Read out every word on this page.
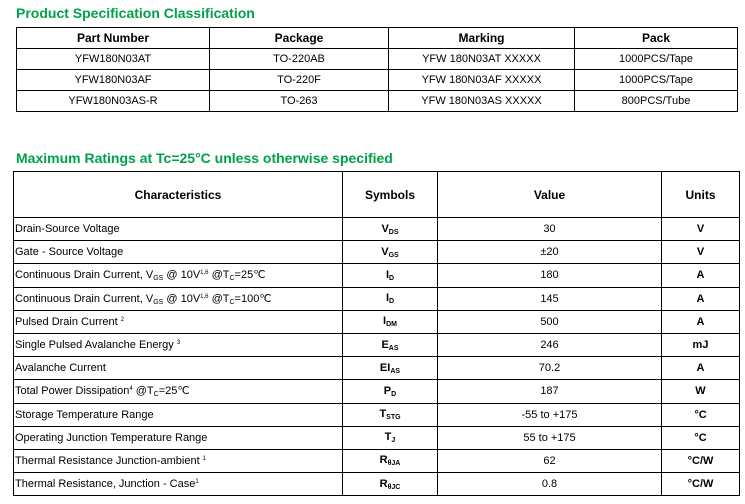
Product Specification Classification
Part Number	Package	Marking	Pack
YFW180N03AT	TO-220AB	YFW 180N03AT XXXXX	1000PCS/Tape
YFW180N03AF	TO-220F	YFW 180N03AF XXXXX	1000PCS/Tape
YFW180N03AS-R	TO-263	YFW 180N03AS XXXXX	800PCS/Tube
Maximum Ratings at Tc=25°C unless otherwise specified
Characteristics	Symbols	Value	Units
Drain-Source Voltage	$V_{DS}$	30	V
Gate - Source Voltage	$V_{GS}$	±20	V
Continuous Drain Current, $V_{GS}$ @ $10V^{1,6}$ $@T_C=25℃$	$I_D$	180	A
Continuous Drain Current, $V_{GS}$ @ $10V^{1,6}$ $@T_C=100℃$	$I_D$	145	A
Pulsed Drain Current $^2$	$I_{DM}$	500	A
Single Pulsed Avalanche Energy $^3$	$E_{AS}$	246	mJ
Avalanche Current	$EI_{AS}$	70.2	A
Total Power Dissipation$^4$ $@T_C=25℃$	$P_D$	187	W
Storage Temperature Range	$T_{STG}$	-55 to +175	°C
Operating Junction Temperature Range	$T_J$	55 to +175	°C
Thermal Resistance Junction-ambient $^1$	$R_{\theta JA}$	62	°C/W
Thermal Resistance, Junction - Case$^1$	$R_{\theta JC}$	0.8	°C/W
